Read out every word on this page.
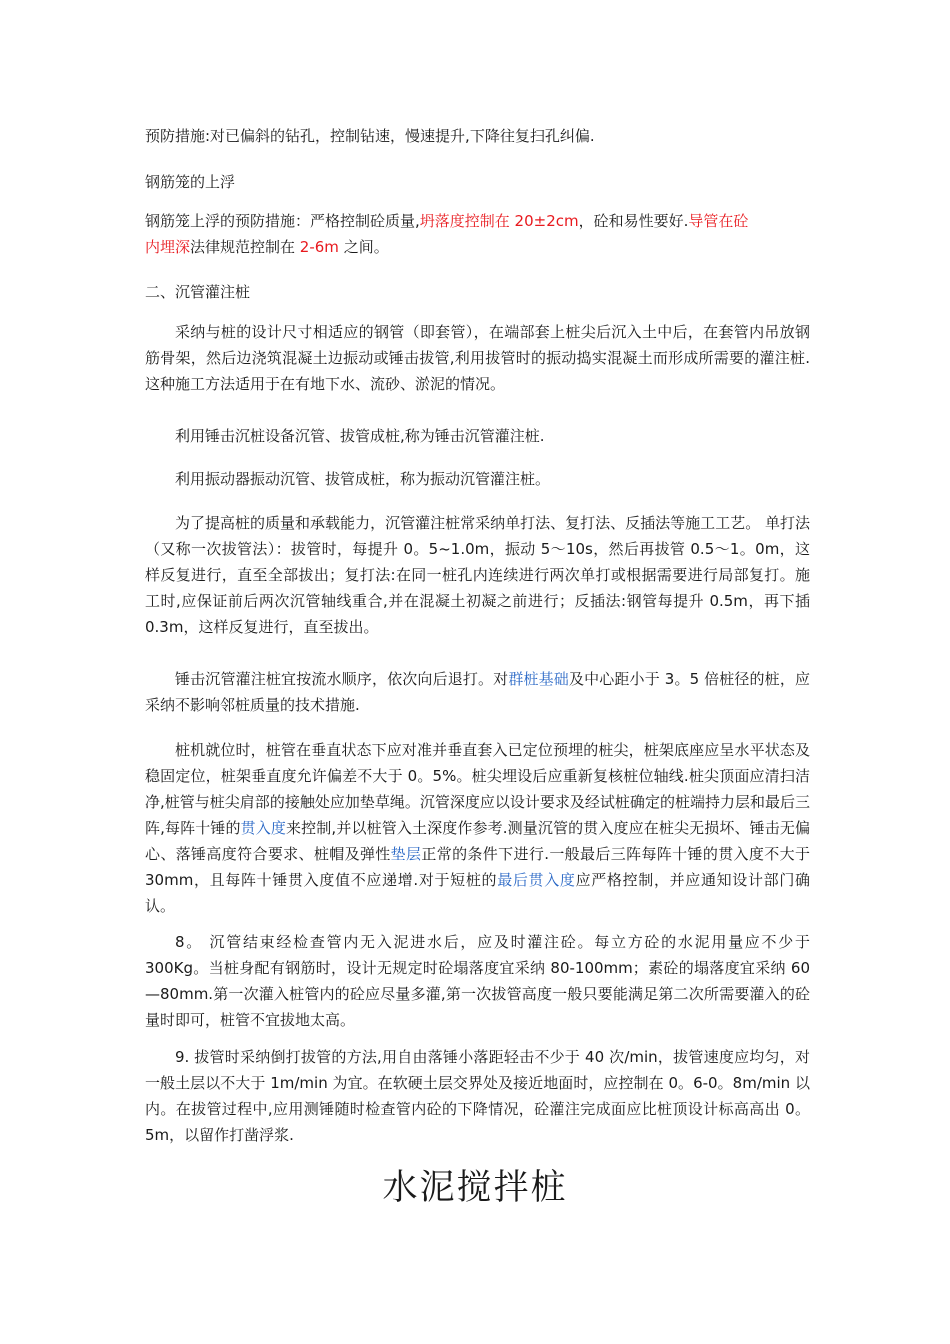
预防措施:对已偏斜的钻孔，控制钻速，慢速提升,下降往复扫孔纠偏.
钢筋笼的上浮
钢筋笼上浮的预防措施：严格控制砼质量,坍落度控制在 20±2cm，砼和易性要好.导管在砼
内埋深法律规范控制在 2-6m 之间。
二、沉管灌注桩
采纳与桩的设计尺寸相适应的钢管（即套管），在端部套上桩尖后沉入土中后，在套管内吊放钢筋骨架，然后边浇筑混凝土边振动或锤击拔管,利用拔管时的振动捣实混凝土而形成所需要的灌注桩.这种施工方法适用于在有地下水、流砂、淤泥的情况。
利用锤击沉桩设备沉管、拔管成桩,称为锤击沉管灌注桩.
利用振动器振动沉管、拔管成桩，称为振动沉管灌注桩。
为了提高桩的质量和承载能力，沉管灌注桩常采纳单打法、复打法、反插法等施工工艺。 单打法（又称一次拔管法）：拔管时，每提升 0。5~1.0m，振动 5～10s，然后再拔管 0.5～1。0m，这样反复进行，直至全部拔出；复打法:在同一桩孔内连续进行两次单打或根据需要进行局部复打。施工时,应保证前后两次沉管轴线重合,并在混凝土初凝之前进行；反插法:钢管每提升 0.5m，再下插 0.3m，这样反复进行，直至拔出。
锤击沉管灌注桩宜按流水顺序，依次向后退打。对群桩基础及中心距小于 3。5 倍桩径的桩，应采纳不影响邻桩质量的技术措施.
桩机就位时，桩管在垂直状态下应对准并垂直套入已定位预埋的桩尖，桩架底座应呈水平状态及稳固定位，桩架垂直度允许偏差不大于 0。5%。桩尖埋设后应重新复核桩位轴线.桩尖顶面应清扫洁净,桩管与桩尖肩部的接触处应加垫草绳。沉管深度应以设计要求及经试桩确定的桩端持力层和最后三阵,每阵十锤的贯入度来控制,并以桩管入土深度作参考.测量沉管的贯入度应在桩尖无损坏、锤击无偏心、落锤高度符合要求、桩帽及弹性垫层正常的条件下进行.一般最后三阵每阵十锤的贯入度不大于 30mm，且每阵十锤贯入度值不应递增.对于短桩的最后贯入度应严格控制，并应通知设计部门确认。
8。 沉管结束经检查管内无入泥进水后，应及时灌注砼。每立方砼的水泥用量应不少于 300Kg。当桩身配有钢筋时，设计无规定时砼塌落度宜采纳 80-100mm；素砼的塌落度宜采纳 60—80mm.第一次灌入桩管内的砼应尽量多灌,第一次拔管高度一般只要能满足第二次所需要灌入的砼量时即可，桩管不宜拔地太高。
9. 拔管时采纳倒打拔管的方法,用自由落锤小落距轻击不少于 40 次/min，拔管速度应均匀，对一般土层以不大于 1m/min 为宜。在软硬土层交界处及接近地面时，应控制在 0。6-0。8m/min 以内。在拔管过程中,应用测锤随时检查管内砼的下降情况，砼灌注完成面应比桩顶设计标高高出 0。5m，以留作打凿浮浆.
水泥搅拌桩
